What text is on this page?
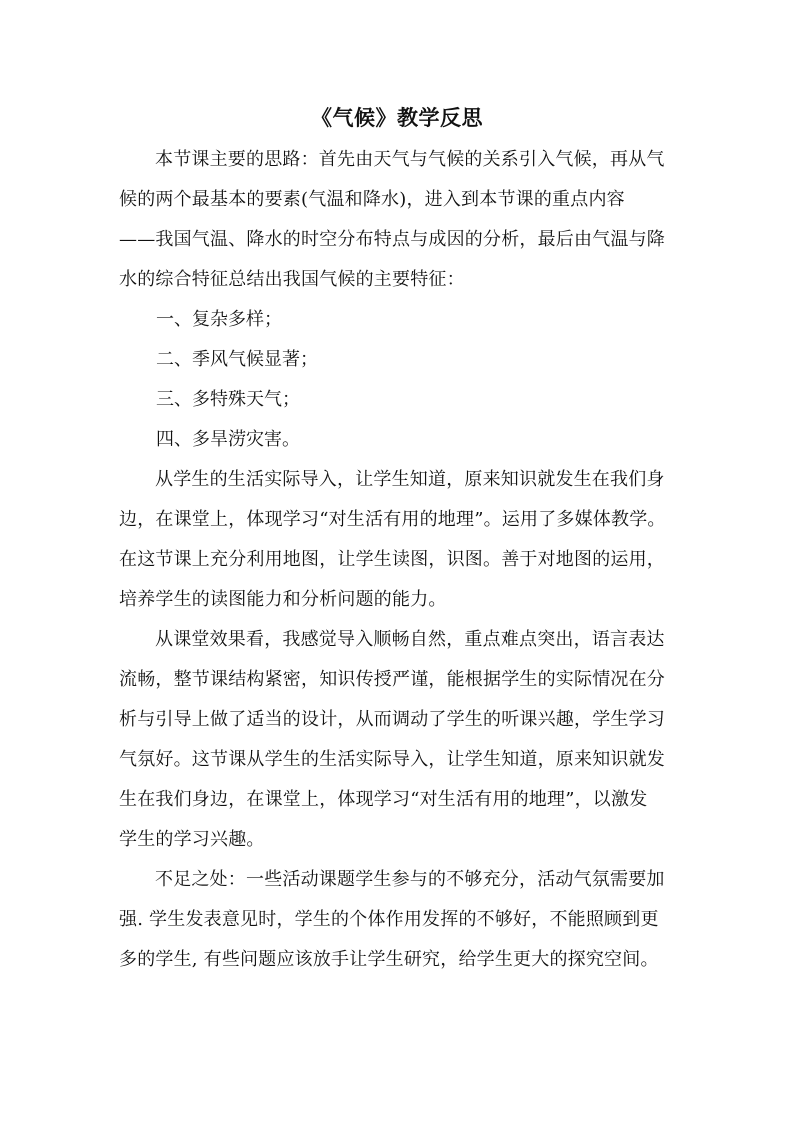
《气候》教学反思

本节课主要的思路：首先由天气与气候的关系引入气候，再从气
候的两个最基本的要素(气温和降水)，进入到本节课的重点内容
——我国气温、降水的时空分布特点与成因的分析，最后由气温与降
水的综合特征总结出我国气候的主要特征：

一、复杂多样；

二、季风气候显著；

三、多特殊天气；

四、多旱涝灾害。

从学生的生活实际导入，让学生知道，原来知识就发生在我们身
边，在课堂上，体现学习“对生活有用的地理”。运用了多媒体教学。
在这节课上充分利用地图，让学生读图，识图。善于对地图的运用，
培养学生的读图能力和分析问题的能力。

从课堂效果看，我感觉导入顺畅自然，重点难点突出，语言表达
流畅，整节课结构紧密，知识传授严谨，能根据学生的实际情况在分
析与引导上做了适当的设计，从而调动了学生的听课兴趣，学生学习
气氛好。这节课从学生的生活实际导入，让学生知道，原来知识就发
生在我们身边，在课堂上，体现学习“对生活有用的地理”，以激发
学生的学习兴趣。

不足之处：一些活动课题学生参与的不够充分，活动气氛需要加
强. 学生发表意见时，学生的个体作用发挥的不够好，不能照顾到更
多的学生, 有些问题应该放手让学生研究，给学生更大的探究空间。
